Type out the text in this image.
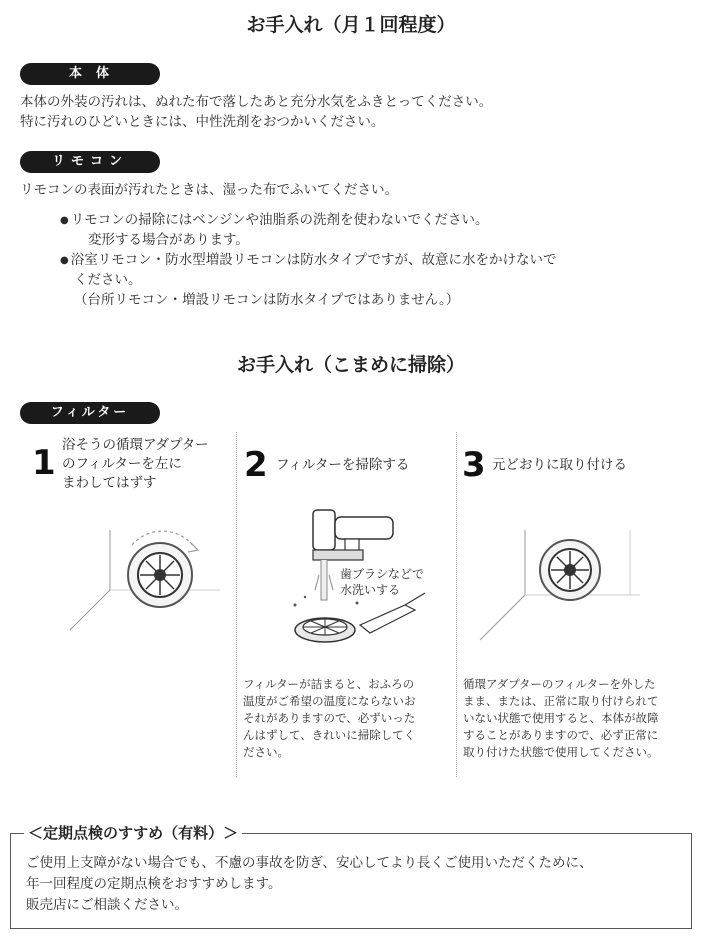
お手入れ（月１回程度）
本体
本体の外装の汚れは、ぬれた布で落したあと充分水気をふきとってください。
特に汚れのひどいときには、中性洗剤をおつかいください。
リモコン
リモコンの表面が汚れたときは、湿った布でふいてください。
● リモコンの掃除にはベンジンや油脂系の洗剤を使わないでください。
変形する場合があります。
● 浴室リモコン・防水型増設リモコンは防水タイプですが、故意に水をかけないで
ください。
（台所リモコン・増設リモコンは防水タイプではありません。）
お手入れ（こまめに掃除）
フィルター
1 浴そうの循環アダプター
のフィルターを左に
まわしてはずす	2 フィルターを掃除する 3 元どおりに取り付ける
歯ブラシなどで
水洗いする
フィルターが詰まると、おふろの
温度がご希望の温度にならないお
それがありますので、必ずいった
んはずして、きれいに掃除してく
ださい。
循環アダプターのフィルターを外した
まま、または、正常に取り付けられて
いない状態で使用すると、本体が故障
することがありますので、必ず正常に
取り付けた状態で使用してください。
＜定期点検のすすめ（有料）＞
ご使用上支障がない場合でも、不慮の事故を防ぎ、安心してより長くご使用いただくために、
年一回程度の定期点検をおすすめします。
販売店にご相談ください。
